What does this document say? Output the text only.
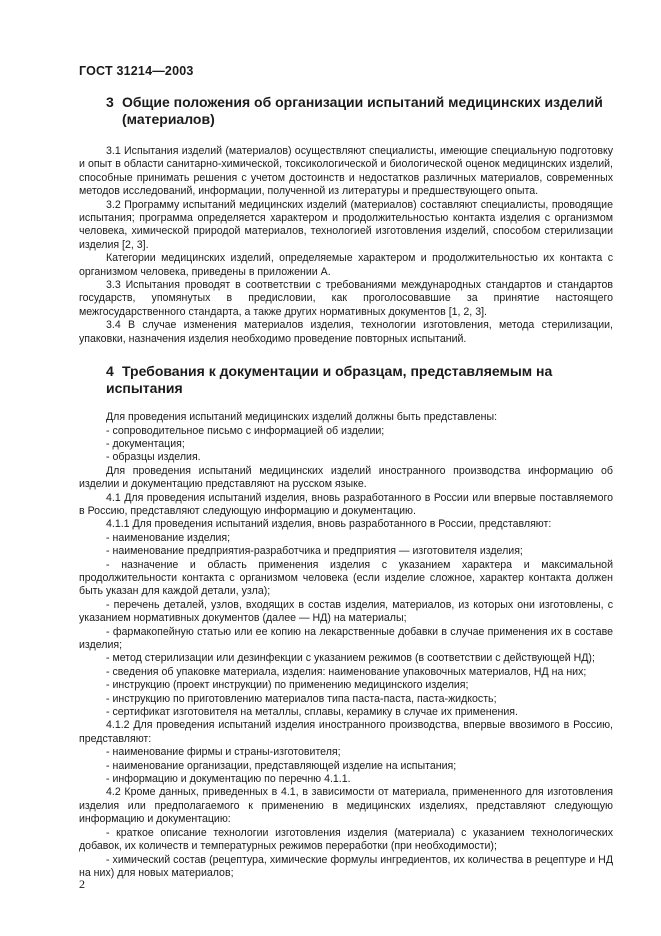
ГОСТ 31214—2003
3 Общие положения об организации испытаний медицинских изделий
(материалов)

3.1 Испытания изделий (материалов) осуществляют специалисты, имеющие специальную подготовку и опыт в области санитарно-химической, токсикологической и биологической оценок медицинских изделий, способные принимать решения с учетом достоинств и недостатков различных материалов, современных методов исследований, информации, полученной из литературы и предшествующего опыта.

3.2 Программу испытаний медицинских изделий (материалов) составляют специалисты, проводящие испытания; программа определяется характером и продолжительностью контакта изделия с организмом человека, химической природой материалов, технологией изготовления изделий, способом стерилизации изделия [2, 3].

Категории медицинских изделий, определяемые характером и продолжительностью их контакта с организмом человека, приведены в приложении А.

3.3 Испытания проводят в соответствии с требованиями международных стандартов и стандартов государств, упомянутых в предисловии, как проголосовавшие за принятие настоящего межгосударственного стандарта, а также других нормативных документов [1, 2, 3].

3.4 В случае изменения материалов изделия, технологии изготовления, метода стерилизации, упаковки, назначения изделия необходимо проведение повторных испытаний.

4 Требования к документации и образцам, представляемым на испытания

Для проведения испытаний медицинских изделий должны быть представлены:

- сопроводительное письмо с информацией об изделии;

- документация;

- образцы изделия.

Для проведения испытаний медицинских изделий иностранного производства информацию об изделии и документацию представляют на русском языке.

4.1 Для проведения испытаний изделия, вновь разработанного в России или впервые поставляемого в Россию, представляют следующую информацию и документацию.

4.1.1 Для проведения испытаний изделия, вновь разработанного в России, представляют:

- наименование изделия;

- наименование предприятия-разработчика и предприятия — изготовителя изделия;

- назначение и область применения изделия с указанием характера и максимальной продолжительности контакта с организмом человека (если изделие сложное, характер контакта должен быть указан для каждой детали, узла);

- перечень деталей, узлов, входящих в состав изделия, материалов, из которых они изготовлены, с указанием нормативных документов (далее — НД) на материалы;

- фармакопейную статью или ее копию на лекарственные добавки в случае применения их в составе изделия;

- метод стерилизации или дезинфекции с указанием режимов (в соответствии с действующей НД);

- сведения об упаковке материала, изделия: наименование упаковочных материалов, НД на них;

- инструкцию (проект инструкции) по применению медицинского изделия;

- инструкцию по приготовлению материалов типа паста-паста, паста-жидкость;

- сертификат изготовителя на металлы, сплавы, керамику в случае их применения.

4.1.2 Для проведения испытаний изделия иностранного производства, впервые ввозимого в Россию, представляют:

- наименование фирмы и страны-изготовителя;

- наименование организации, представляющей изделие на испытания;

- информацию и документацию по перечню 4.1.1.

4.2 Кроме данных, приведенных в 4.1, в зависимости от материала, примененного для изготовления изделия или предполагаемого к применению в медицинских изделиях, представляют следующую информацию и документацию:

- краткое описание технологии изготовления изделия (материала) с указанием технологических добавок, их количеств и температурных режимов переработки (при необходимости);

- химический состав (рецептура, химические формулы ингредиентов, их количества в рецептуре и НД на них) для новых материалов;

2
